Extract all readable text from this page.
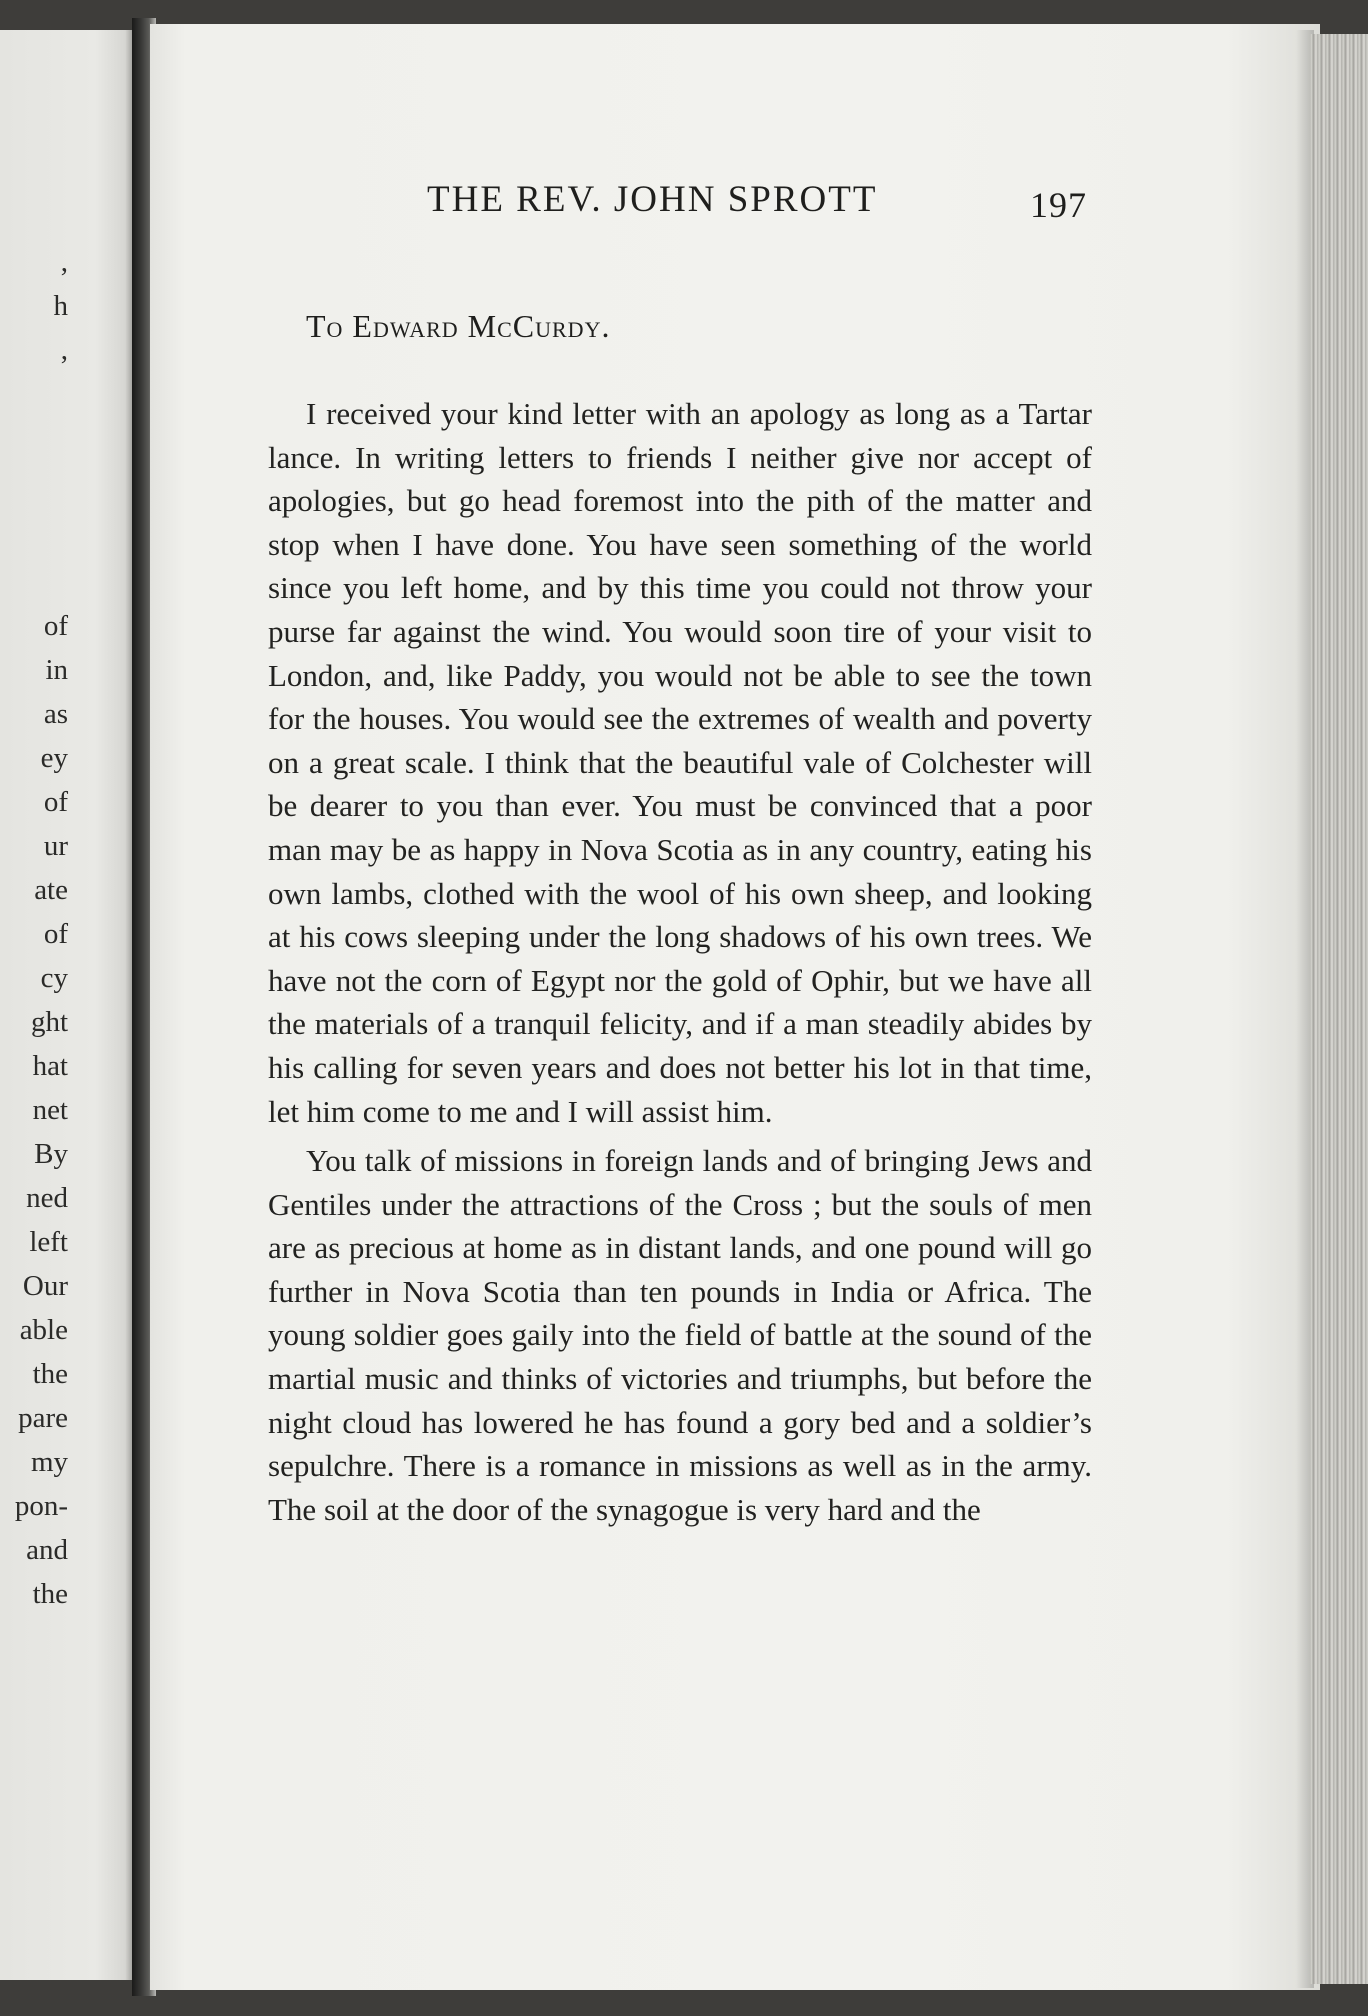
,
h
,
of
in
as
ey
of
ur
ate
of
cy
ght
hat
net
By
ned
left
Our
able
the
pare
my
pon-
and
the
THE REV. JOHN SPROTT	197
To Edward McCurdy.

I received your kind letter with an apology as long as a Tartar lance. In writing letters to friends I neither give nor accept of apologies, but go head foremost into the pith of the matter and stop when I have done. You have seen something of the world since you left home, and by this time you could not throw your purse far against the wind. You would soon tire of your visit to London, and, like Paddy, you would not be able to see the town for the houses. You would see the extremes of wealth and poverty on a great scale. I think that the beautiful vale of Colchester will be dearer to you than ever. You must be convinced that a poor man may be as happy in Nova Scotia as in any country, eating his own lambs, clothed with the wool of his own sheep, and looking at his cows sleeping under the long shadows of his own trees. We have not the corn of Egypt nor the gold of Ophir, but we have all the materials of a tranquil felicity, and if a man steadily abides by his calling for seven years and does not better his lot in that time, let him come to me and I will assist him.

You talk of missions in foreign lands and of bringing Jews and Gentiles under the attractions of the Cross ; but the souls of men are as precious at home as in distant lands, and one pound will go further in Nova Scotia than ten pounds in India or Africa. The young soldier goes gaily into the field of battle at the sound of the martial music and thinks of victories and triumphs, but before the night cloud has lowered he has found a gory bed and a soldier’s sepulchre. There is a romance in missions as well as in the army. The soil at the door of the synagogue is very hard and the
